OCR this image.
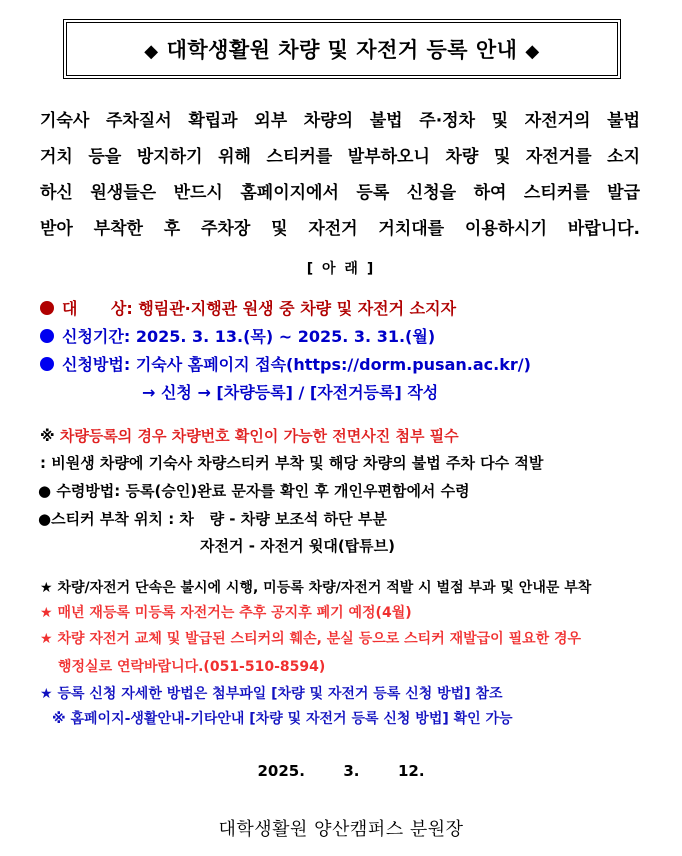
◆ 대학생활원 차량 및 자전거 등록 안내 ◆
기숙사 주차질서 확립과 외부 차량의 불법 주·정차 및 자전거의 불법
거치 등을 방지하기 위해 스티커를 발부하오니 차량 및 자전거를 소지
하신 원생들은 반드시 홈페이지에서 등록 신청을 하여 스티커를 발급
받아 부착한 후 주차장 및 자전거 거치대를 이용하시기 바랍니다.
[ 아 래 ]
대      상: 행림관·지행관 원생 중 차량 및 자전거 소지자
신청기간: 2025. 3. 13.(목) ~ 2025. 3. 31.(월)
신청방법: 기숙사 홈페이지 접속(https://dorm.pusan.ac.kr/)
→ 신청 → [차량등록] / [자전거등록] 작성
※ 차량등록의 경우 차량번호 확인이 가능한 전면사진 첨부 필수
: 비원생 차량에 기숙사 차량스티커 부착 및 해당 차량의 불법 주차 다수 적발
● 수령방법: 등록(승인)완료 문자를 확인 후 개인우편함에서 수령
●스티커 부착 위치 : 차   량 - 차량 보조석 하단 부분
자전거 - 자전거 윗대(탑튜브)
★ 차량/자전거 단속은 불시에 시행, 미등록 차량/자전거 적발 시 벌점 부과 및 안내문 부착
★ 매년 재등록 미등록 자전거는 추후 공지후 폐기 예정(4월)
★ 차량 자전거 교체 및 발급된 스티커의 훼손, 분실 등으로 스티커 재발급이 필요한 경우
행정실로 연락바랍니다.(051-510-8594)
★ 등록 신청 자세한 방법은 첨부파일 [차량 및 자전거 등록 신청 방법] 참조
※ 홈페이지-생활안내-기타안내 [차량 및 자전거 등록 신청 방법] 확인 가능
2025.  3.  12.
대학생활원 양산캠퍼스 분원장
